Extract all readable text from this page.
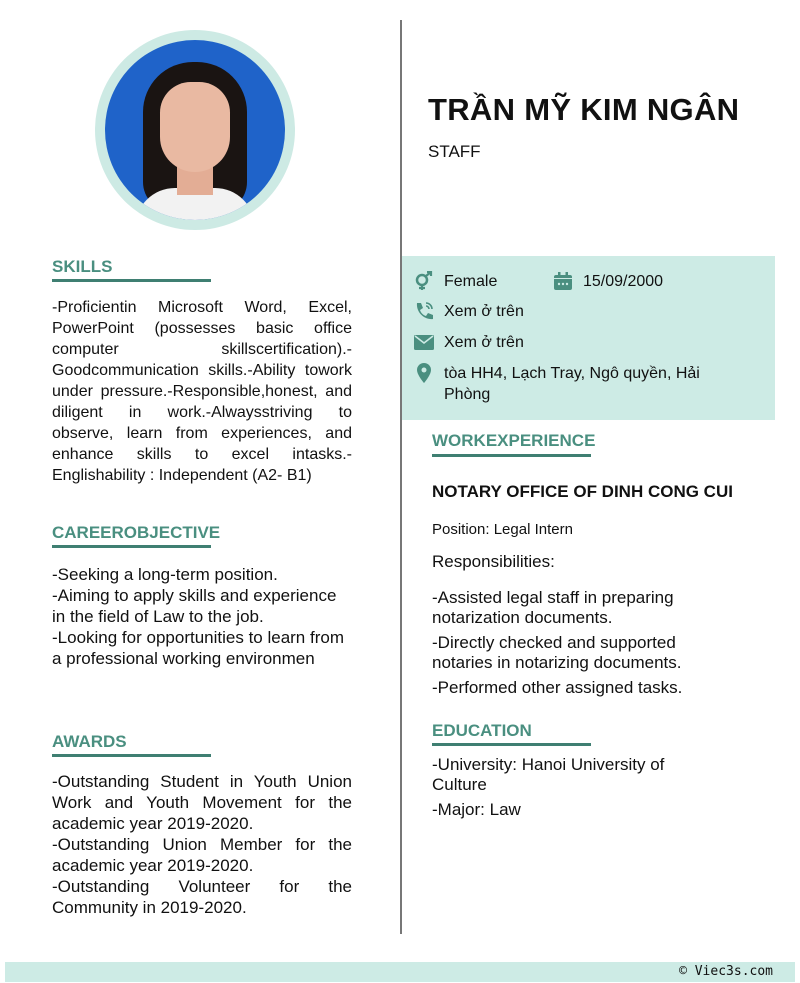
SKILLS

-Proficientin Microsoft Word, Excel, PowerPoint (possesses basic office computer skillscertification).-Goodcommunication skills.-Ability towork under pressure.-Responsible,honest, and diligent in work.-Alwaysstriving to observe, learn from experiences, and enhance skills to excel intasks.-Englishability : Independent (A2- B1)

CAREEROBJECTIVE
-Seeking a long-term position.
-Aiming to apply skills and experience in the field of Law to the job.
-Looking for opportunities to learn from a professional working environmen
AWARDS
-Outstanding Student in Youth Union Work and Youth Movement for the academic year 2019-2020.
-Outstanding Union Member for the academic year 2019-2020.
-Outstanding Volunteer for the Community in 2019-2020.
TRẦN MỸ KIM NGÂN
STAFF
Female	15/09/2000
Xem ở trên
Xem ở trên
tòa HH4, Lạch Tray, Ngô quyền, Hải Phòng
WORKEXPERIENCE
NOTARY OFFICE OF DINH CONG CUI
Position: Legal Intern
Responsibilities:
-Assisted legal staff in preparing notarization documents.
-Directly checked and supported notaries in notarizing documents.
-Performed other assigned tasks.
EDUCATION
-University: Hanoi University of Culture
-Major: Law
© Viec3s.com
